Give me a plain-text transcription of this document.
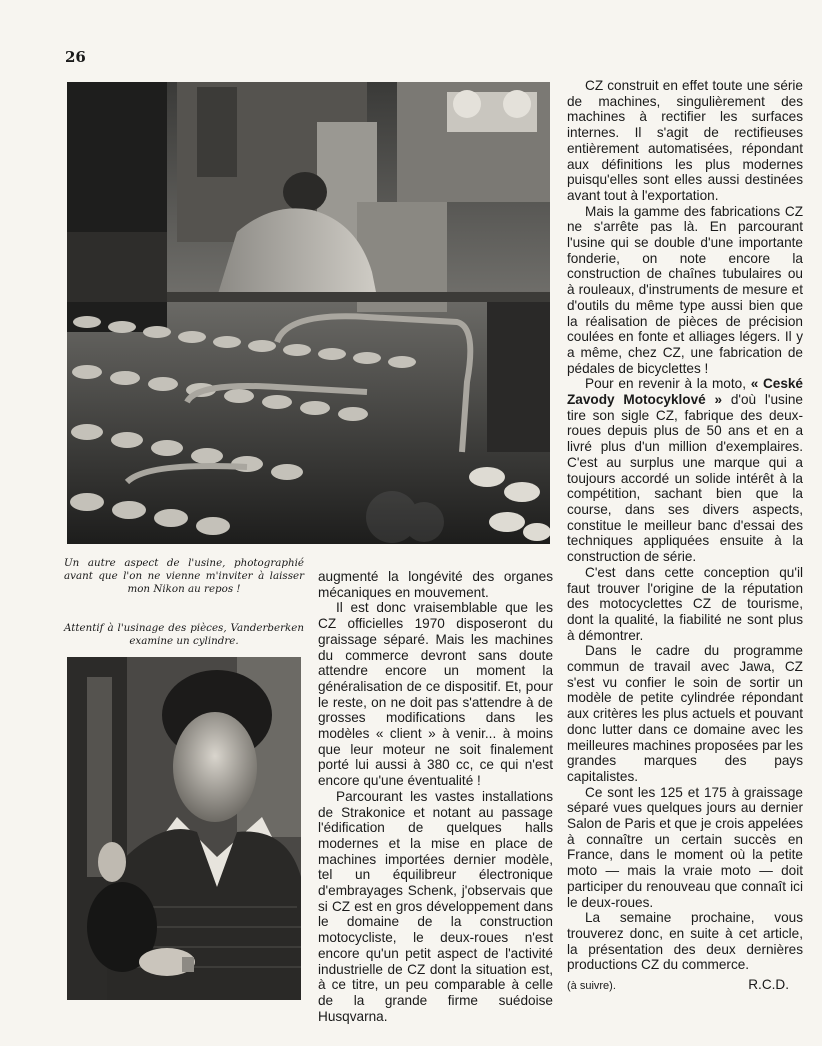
26
Un autre aspect de l'usine, photographié avant que l'on ne vienne m'inviter à laisser mon Nikon au repos !
Attentif à l'usinage des pièces, Vanderberken examine un cylindre.

augmenté la longévité des organes mécaniques en mouvement.

Il est donc vraisemblable que les CZ officielles 1970 disposeront du graissage séparé. Mais les machines du commerce devront sans doute attendre encore un moment la généralisation de ce dispositif. Et, pour le reste, on ne doit pas s'attendre à de grosses modifications dans les modèles « client » à venir... à moins que leur moteur ne soit finalement porté lui aussi à 380 cc, ce qui n'est encore qu'une éventualité !

Parcourant les vastes installations de Strakonice et notant au passage l'édification de quelques halls modernes et la mise en place de machines importées dernier modèle, tel un équilibreur électronique d'embrayages Schenk, j'observais que si CZ est en gros développement dans le domaine de la construction motocycliste, le deux-roues n'est encore qu'un petit aspect de l'activité industrielle de CZ dont la situation est, à ce titre, un peu comparable à celle de la grande firme suédoise Husqvarna.

CZ construit en effet toute une série de machines, singulièrement des machines à rectifier les surfaces internes. Il s'agit de rectifieuses entièrement automatisées, répondant aux définitions les plus modernes puisqu'elles sont elles aussi destinées avant tout à l'exportation.

Mais la gamme des fabrications CZ ne s'arrête pas là. En parcourant l'usine qui se double d'une importante fonderie, on note encore la construction de chaînes tubulaires ou à rouleaux, d'instruments de mesure et d'outils du même type aussi bien que la réalisation de pièces de précision coulées en fonte et alliages légers. Il y a même, chez CZ, une fabrication de pédales de bicyclettes !

Pour en revenir à la moto, « Ceské Zavody Motocyklové » d'où l'usine tire son sigle CZ, fabrique des deux-roues depuis plus de 50 ans et en a livré plus d'un million d'exemplaires. C'est au surplus une marque qui a toujours accordé un solide intérêt à la compétition, sachant bien que la course, dans ses divers aspects, constitue le meilleur banc d'essai des techniques appliquées ensuite à la construction de série.

C'est dans cette conception qu'il faut trouver l'origine de la réputation des motocyclettes CZ de tourisme, dont la qualité, la fiabilité ne sont plus à démontrer.

Dans le cadre du programme commun de travail avec Jawa, CZ s'est vu confier le soin de sortir un modèle de petite cylindrée répondant aux critères les plus actuels et pouvant donc lutter dans ce domaine avec les meilleures machines proposées par les grandes marques des pays capitalistes.

Ce sont les 125 et 175 à graissage séparé vues quelques jours au dernier Salon de Paris et que je crois appelées à connaître un certain succès en France, dans le moment où la petite moto — mais la vraie moto — doit participer du renouveau que connaît ici le deux-roues.

La semaine prochaine, vous trouverez donc, en suite à cet article, la présentation des deux dernières productions CZ du commerce.

(à suivre).	R.C.D.
